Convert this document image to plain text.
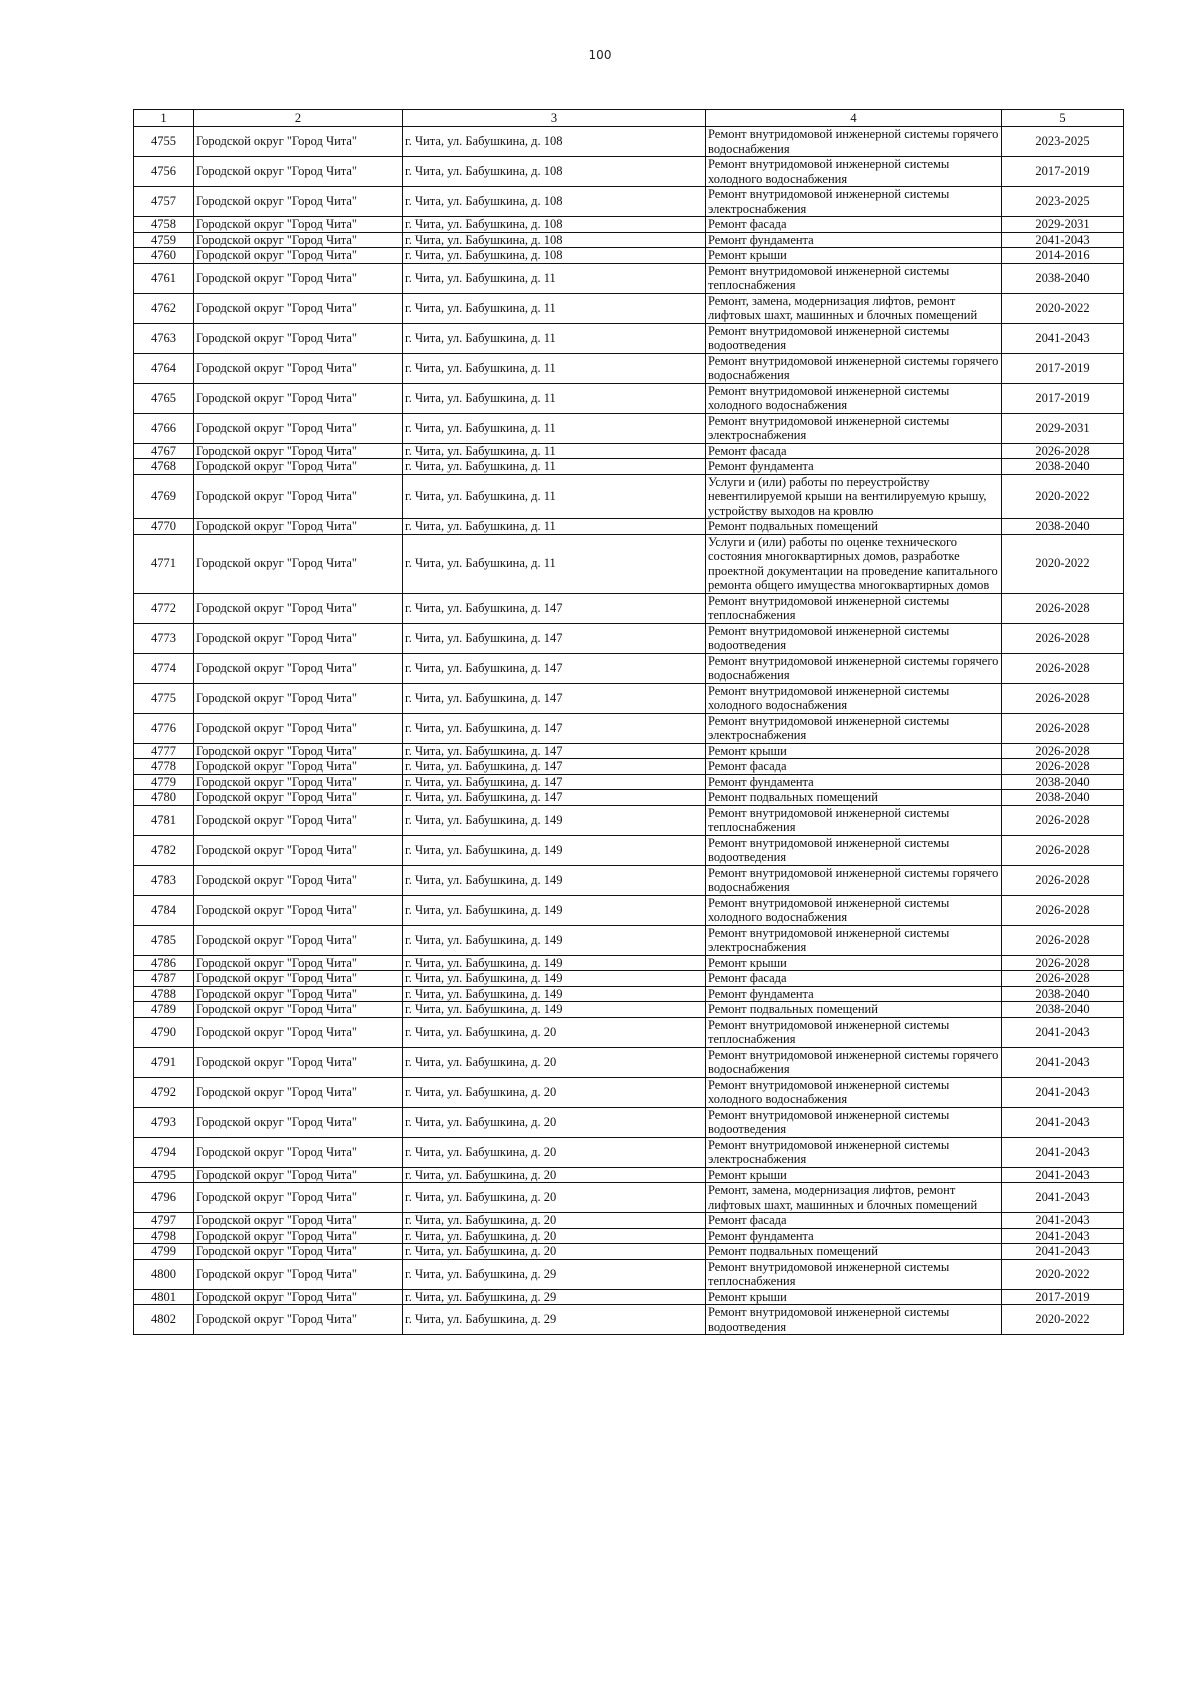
100
1	2	3	4	5
4755	Городской округ "Город Чита"	г. Чита, ул. Бабушкина, д. 108	Ремонт внутридомовой инженерной системы горячего водоснабжения	2023-2025
4756	Городской округ "Город Чита"	г. Чита, ул. Бабушкина, д. 108	Ремонт внутридомовой инженерной системы холодного водоснабжения	2017-2019
4757	Городской округ "Город Чита"	г. Чита, ул. Бабушкина, д. 108	Ремонт внутридомовой инженерной системы электроснабжения	2023-2025
4758	Городской округ "Город Чита"	г. Чита, ул. Бабушкина, д. 108	Ремонт фасада	2029-2031
4759	Городской округ "Город Чита"	г. Чита, ул. Бабушкина, д. 108	Ремонт фундамента	2041-2043
4760	Городской округ "Город Чита"	г. Чита, ул. Бабушкина, д. 108	Ремонт крыши	2014-2016
4761	Городской округ "Город Чита"	г. Чита, ул. Бабушкина, д. 11	Ремонт внутридомовой инженерной системы теплоснабжения	2038-2040
4762	Городской округ "Город Чита"	г. Чита, ул. Бабушкина, д. 11	Ремонт, замена, модернизация лифтов, ремонт лифтовых шахт, машинных и блочных помещений	2020-2022
4763	Городской округ "Город Чита"	г. Чита, ул. Бабушкина, д. 11	Ремонт внутридомовой инженерной системы водоотведения	2041-2043
4764	Городской округ "Город Чита"	г. Чита, ул. Бабушкина, д. 11	Ремонт внутридомовой инженерной системы горячего водоснабжения	2017-2019
4765	Городской округ "Город Чита"	г. Чита, ул. Бабушкина, д. 11	Ремонт внутридомовой инженерной системы холодного водоснабжения	2017-2019
4766	Городской округ "Город Чита"	г. Чита, ул. Бабушкина, д. 11	Ремонт внутридомовой инженерной системы электроснабжения	2029-2031
4767	Городской округ "Город Чита"	г. Чита, ул. Бабушкина, д. 11	Ремонт фасада	2026-2028
4768	Городской округ "Город Чита"	г. Чита, ул. Бабушкина, д. 11	Ремонт фундамента	2038-2040
4769	Городской округ "Город Чита"	г. Чита, ул. Бабушкина, д. 11	Услуги и (или) работы по переустройству невентилируемой крыши на вентилируемую крышу, устройству выходов на кровлю	2020-2022
4770	Городской округ "Город Чита"	г. Чита, ул. Бабушкина, д. 11	Ремонт подвальных помещений	2038-2040
4771	Городской округ "Город Чита"	г. Чита, ул. Бабушкина, д. 11	Услуги и (или) работы по оценке технического состояния многоквартирных домов, разработке проектной документации на проведение капитального ремонта общего имущества многоквартирных домов	2020-2022
4772	Городской округ "Город Чита"	г. Чита, ул. Бабушкина, д. 147	Ремонт внутридомовой инженерной системы теплоснабжения	2026-2028
4773	Городской округ "Город Чита"	г. Чита, ул. Бабушкина, д. 147	Ремонт внутридомовой инженерной системы водоотведения	2026-2028
4774	Городской округ "Город Чита"	г. Чита, ул. Бабушкина, д. 147	Ремонт внутридомовой инженерной системы горячего водоснабжения	2026-2028
4775	Городской округ "Город Чита"	г. Чита, ул. Бабушкина, д. 147	Ремонт внутридомовой инженерной системы холодного водоснабжения	2026-2028
4776	Городской округ "Город Чита"	г. Чита, ул. Бабушкина, д. 147	Ремонт внутридомовой инженерной системы электроснабжения	2026-2028
4777	Городской округ "Город Чита"	г. Чита, ул. Бабушкина, д. 147	Ремонт крыши	2026-2028
4778	Городской округ "Город Чита"	г. Чита, ул. Бабушкина, д. 147	Ремонт фасада	2026-2028
4779	Городской округ "Город Чита"	г. Чита, ул. Бабушкина, д. 147	Ремонт фундамента	2038-2040
4780	Городской округ "Город Чита"	г. Чита, ул. Бабушкина, д. 147	Ремонт подвальных помещений	2038-2040
4781	Городской округ "Город Чита"	г. Чита, ул. Бабушкина, д. 149	Ремонт внутридомовой инженерной системы теплоснабжения	2026-2028
4782	Городской округ "Город Чита"	г. Чита, ул. Бабушкина, д. 149	Ремонт внутридомовой инженерной системы водоотведения	2026-2028
4783	Городской округ "Город Чита"	г. Чита, ул. Бабушкина, д. 149	Ремонт внутридомовой инженерной системы горячего водоснабжения	2026-2028
4784	Городской округ "Город Чита"	г. Чита, ул. Бабушкина, д. 149	Ремонт внутридомовой инженерной системы холодного водоснабжения	2026-2028
4785	Городской округ "Город Чита"	г. Чита, ул. Бабушкина, д. 149	Ремонт внутридомовой инженерной системы электроснабжения	2026-2028
4786	Городской округ "Город Чита"	г. Чита, ул. Бабушкина, д. 149	Ремонт крыши	2026-2028
4787	Городской округ "Город Чита"	г. Чита, ул. Бабушкина, д. 149	Ремонт фасада	2026-2028
4788	Городской округ "Город Чита"	г. Чита, ул. Бабушкина, д. 149	Ремонт фундамента	2038-2040
4789	Городской округ "Город Чита"	г. Чита, ул. Бабушкина, д. 149	Ремонт подвальных помещений	2038-2040
4790	Городской округ "Город Чита"	г. Чита, ул. Бабушкина, д. 20	Ремонт внутридомовой инженерной системы теплоснабжения	2041-2043
4791	Городской округ "Город Чита"	г. Чита, ул. Бабушкина, д. 20	Ремонт внутридомовой инженерной системы горячего водоснабжения	2041-2043
4792	Городской округ "Город Чита"	г. Чита, ул. Бабушкина, д. 20	Ремонт внутридомовой инженерной системы холодного водоснабжения	2041-2043
4793	Городской округ "Город Чита"	г. Чита, ул. Бабушкина, д. 20	Ремонт внутридомовой инженерной системы водоотведения	2041-2043
4794	Городской округ "Город Чита"	г. Чита, ул. Бабушкина, д. 20	Ремонт внутридомовой инженерной системы электроснабжения	2041-2043
4795	Городской округ "Город Чита"	г. Чита, ул. Бабушкина, д. 20	Ремонт крыши	2041-2043
4796	Городской округ "Город Чита"	г. Чита, ул. Бабушкина, д. 20	Ремонт, замена, модернизация лифтов, ремонт лифтовых шахт, машинных и блочных помещений	2041-2043
4797	Городской округ "Город Чита"	г. Чита, ул. Бабушкина, д. 20	Ремонт фасада	2041-2043
4798	Городской округ "Город Чита"	г. Чита, ул. Бабушкина, д. 20	Ремонт фундамента	2041-2043
4799	Городской округ "Город Чита"	г. Чита, ул. Бабушкина, д. 20	Ремонт подвальных помещений	2041-2043
4800	Городской округ "Город Чита"	г. Чита, ул. Бабушкина, д. 29	Ремонт внутридомовой инженерной системы теплоснабжения	2020-2022
4801	Городской округ "Город Чита"	г. Чита, ул. Бабушкина, д. 29	Ремонт крыши	2017-2019
4802	Городской округ "Город Чита"	г. Чита, ул. Бабушкина, д. 29	Ремонт внутридомовой инженерной системы водоотведения	2020-2022
